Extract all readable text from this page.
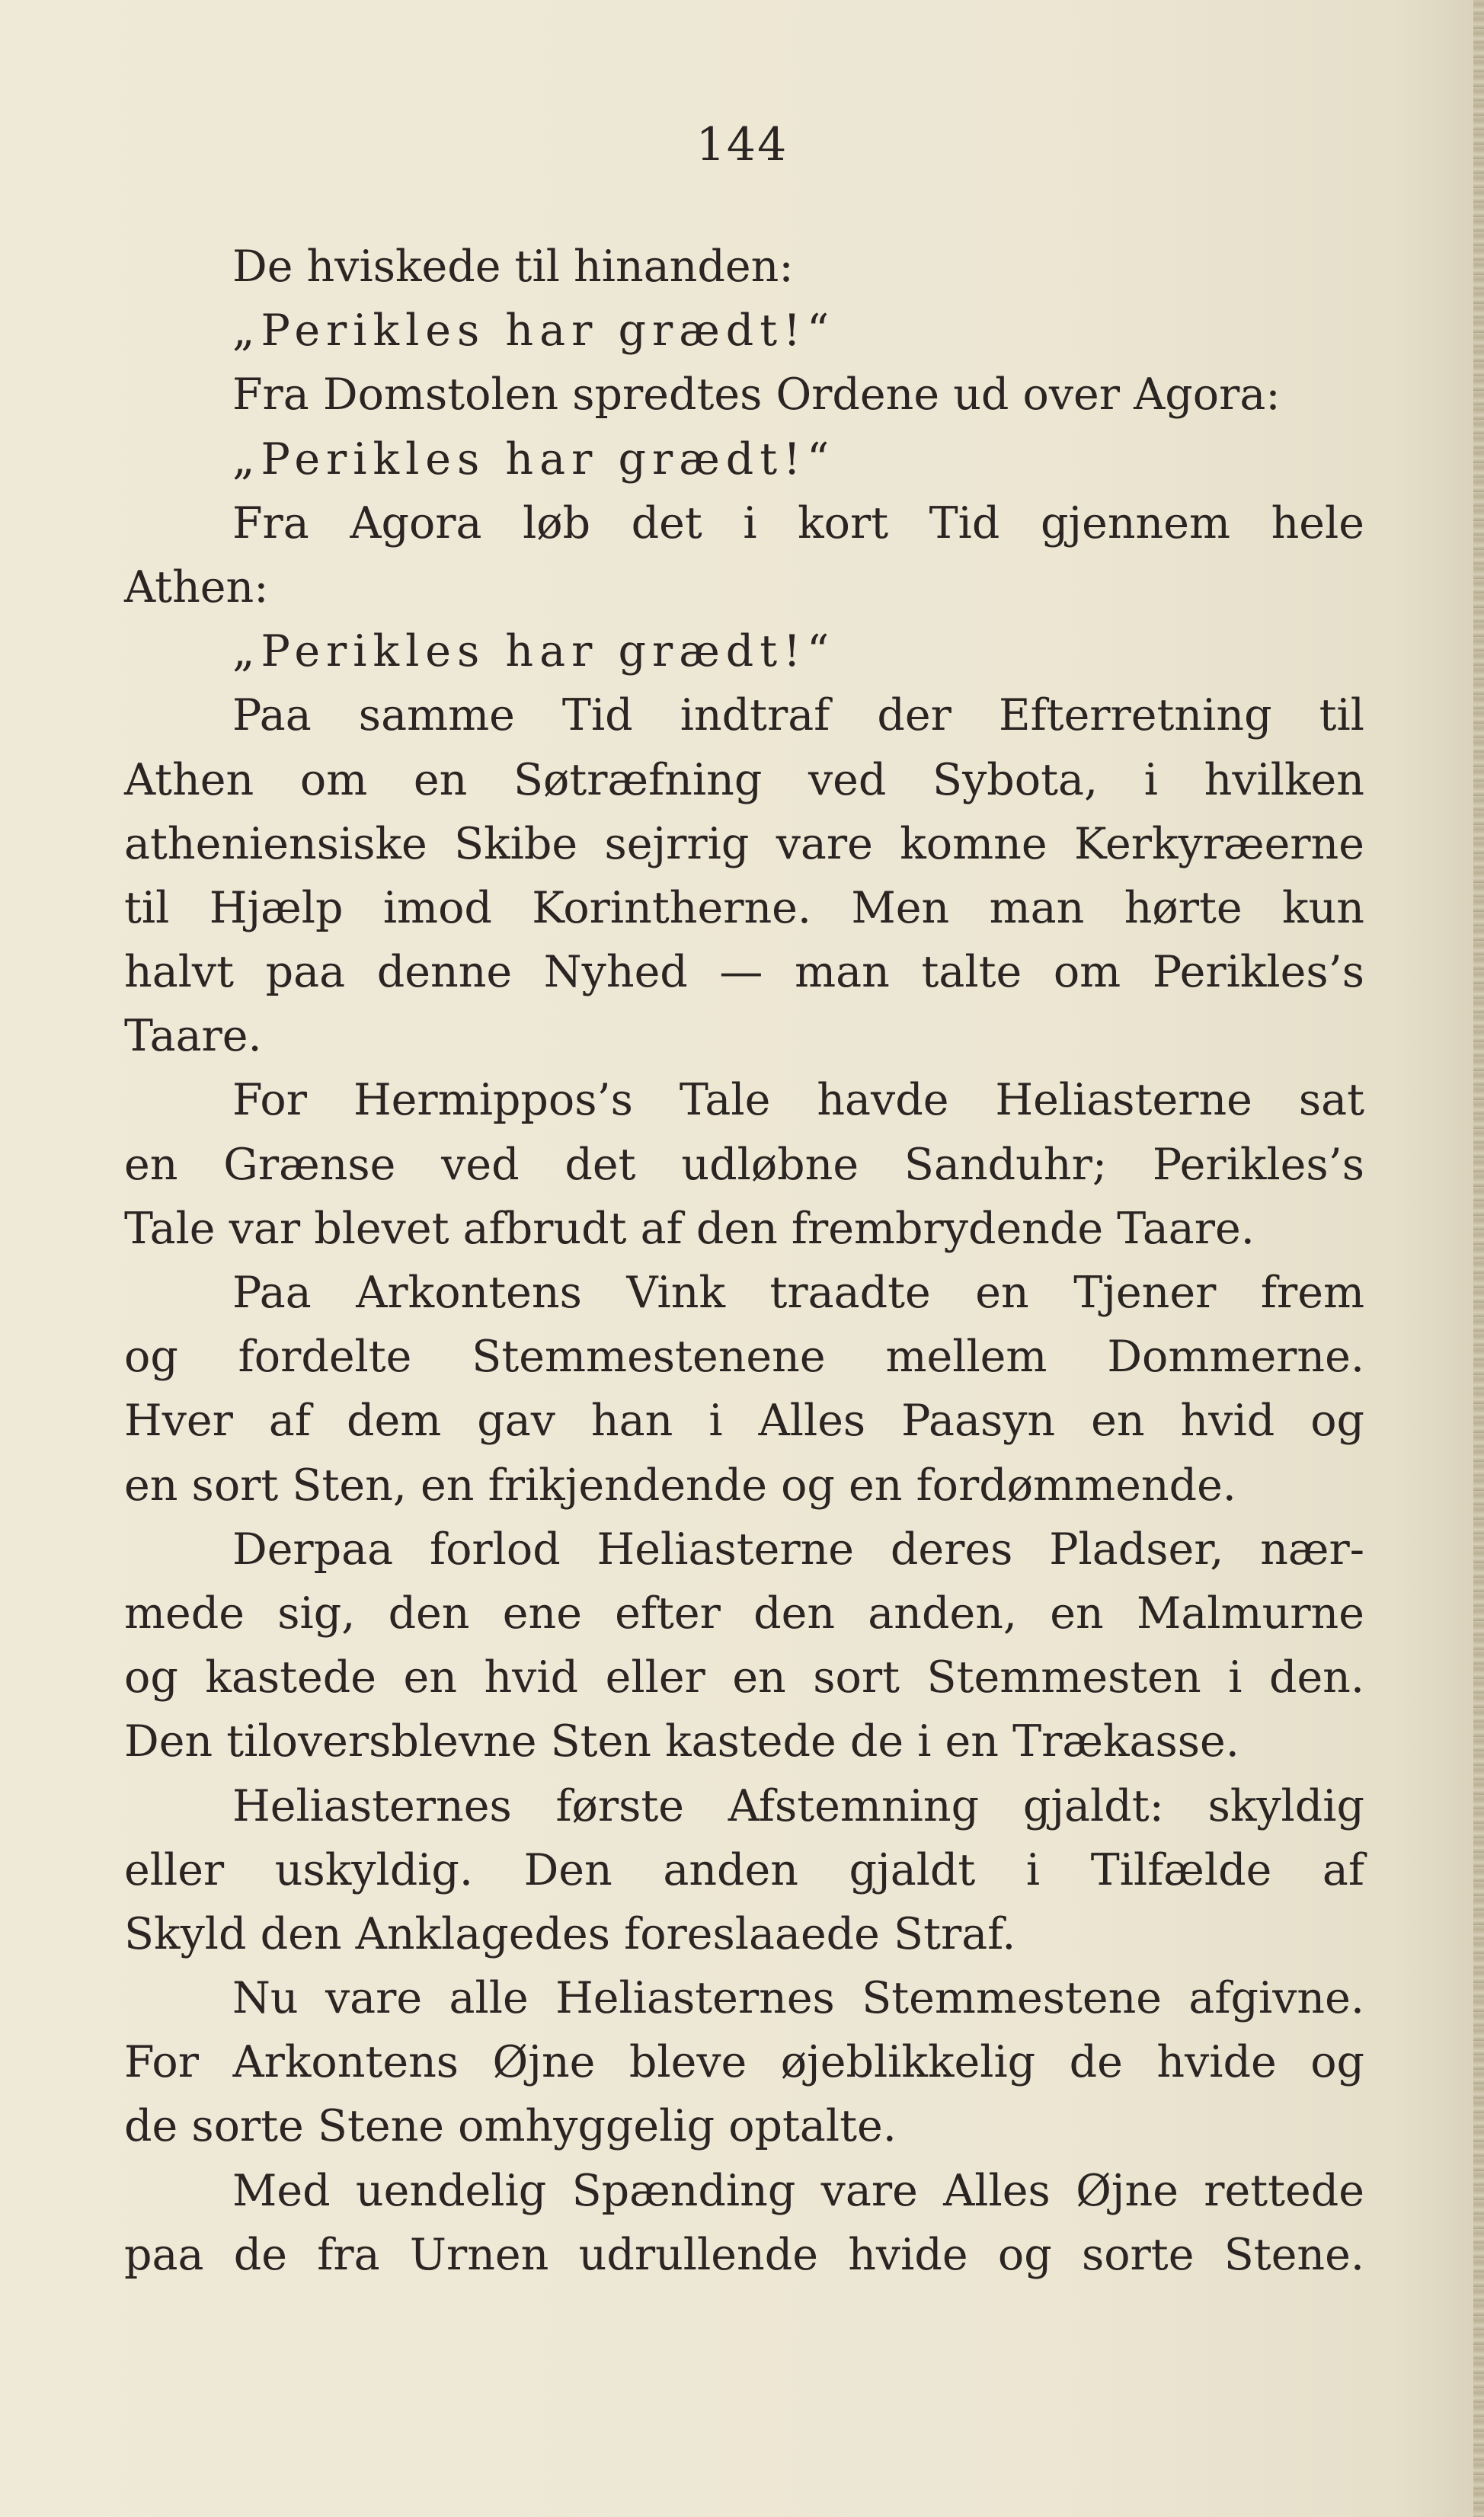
144
De hviskede til hinanden:
„Perikles har grædt!“
Fra Domstolen spredtes Ordene ud over Agora:
„Perikles har grædt!“
Fra Agora løb det i kort Tid gjennem hele
Athen:
„Perikles har grædt!“
Paa samme Tid indtraf der Efterretning til
Athen om en Søtræfning ved Sybota, i hvilken
atheniensiske Skibe sejrrig vare komne Kerkyræerne
til Hjælp imod Korintherne. Men man hørte kun
halvt paa denne Nyhed — man talte om Perikles’s
Taare.
For Hermippos’s Tale havde Heliasterne sat
en Grænse ved det udløbne Sanduhr; Perikles’s
Tale var blevet afbrudt af den frembrydende Taare.
Paa Arkontens Vink traadte en Tjener frem
og fordelte Stemmestenene mellem Dommerne.
Hver af dem gav han i Alles Paasyn en hvid og
en sort Sten, en frikjendende og en fordømmende.
Derpaa forlod Heliasterne deres Pladser, nær-
mede sig, den ene efter den anden, en Malmurne
og kastede en hvid eller en sort Stemmesten i den.
Den tiloversblevne Sten kastede de i en Trækasse.
Heliasternes første Afstemning gjaldt: skyldig
eller uskyldig. Den anden gjaldt i Tilfælde af
Skyld den Anklagedes foreslaaede Straf.
Nu vare alle Heliasternes Stemmestene afgivne.
For Arkontens Øjne bleve øjeblikkelig de hvide og
de sorte Stene omhyggelig optalte.
Med uendelig Spænding vare Alles Øjne rettede
paa de fra Urnen udrullende hvide og sorte Stene.
